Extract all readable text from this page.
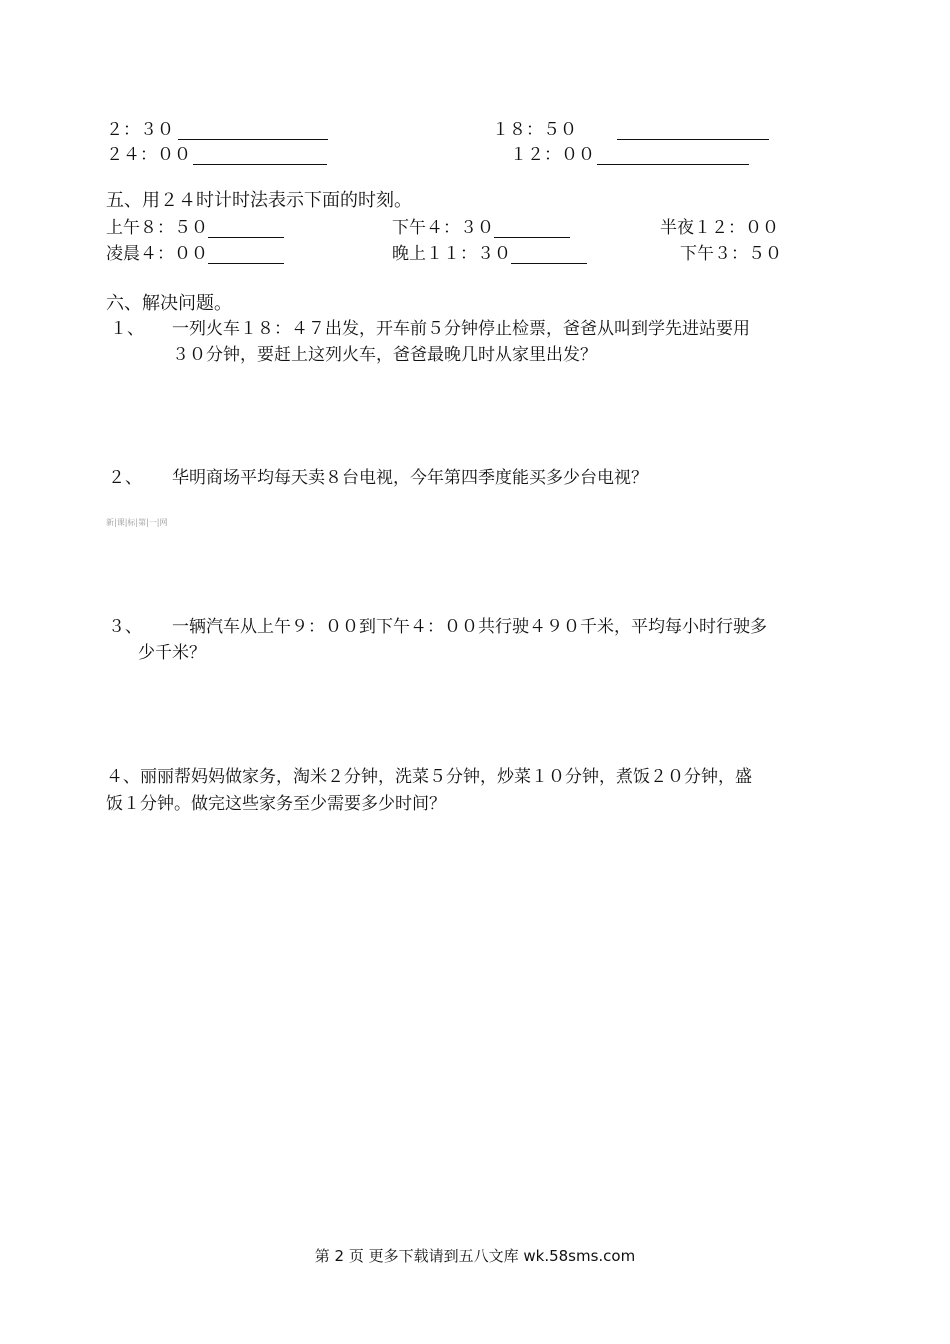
２：３０	１８：５０
２４：００	１２：００
五、用２４时计时法表示下面的时刻。
上午８：５０	下午４：３０	半夜１２：００
凌晨４：００	晚上１１：３０	下午３：５０
六、解决问题。
１、 一列火车１８：４７出发，开车前５分钟停止检票，爸爸从叫到学先进站要用
３０分钟，要赶上这列火车，爸爸最晚几时从家里出发？
２、 华明商场平均每天卖８台电视，今年第四季度能买多少台电视？
新|课|标|第|一|网
３、 一辆汽车从上午９：００到下午４：００共行驶４９０千米，平均每小时行驶多
少千米？
４、丽丽帮妈妈做家务，淘米２分钟，洗菜５分钟，炒菜１０分钟，煮饭２０分钟，盛
饭１分钟。做完这些家务至少需要多少时间？
第 2 页 更多下载请到五八文库 wk.58sms.com
